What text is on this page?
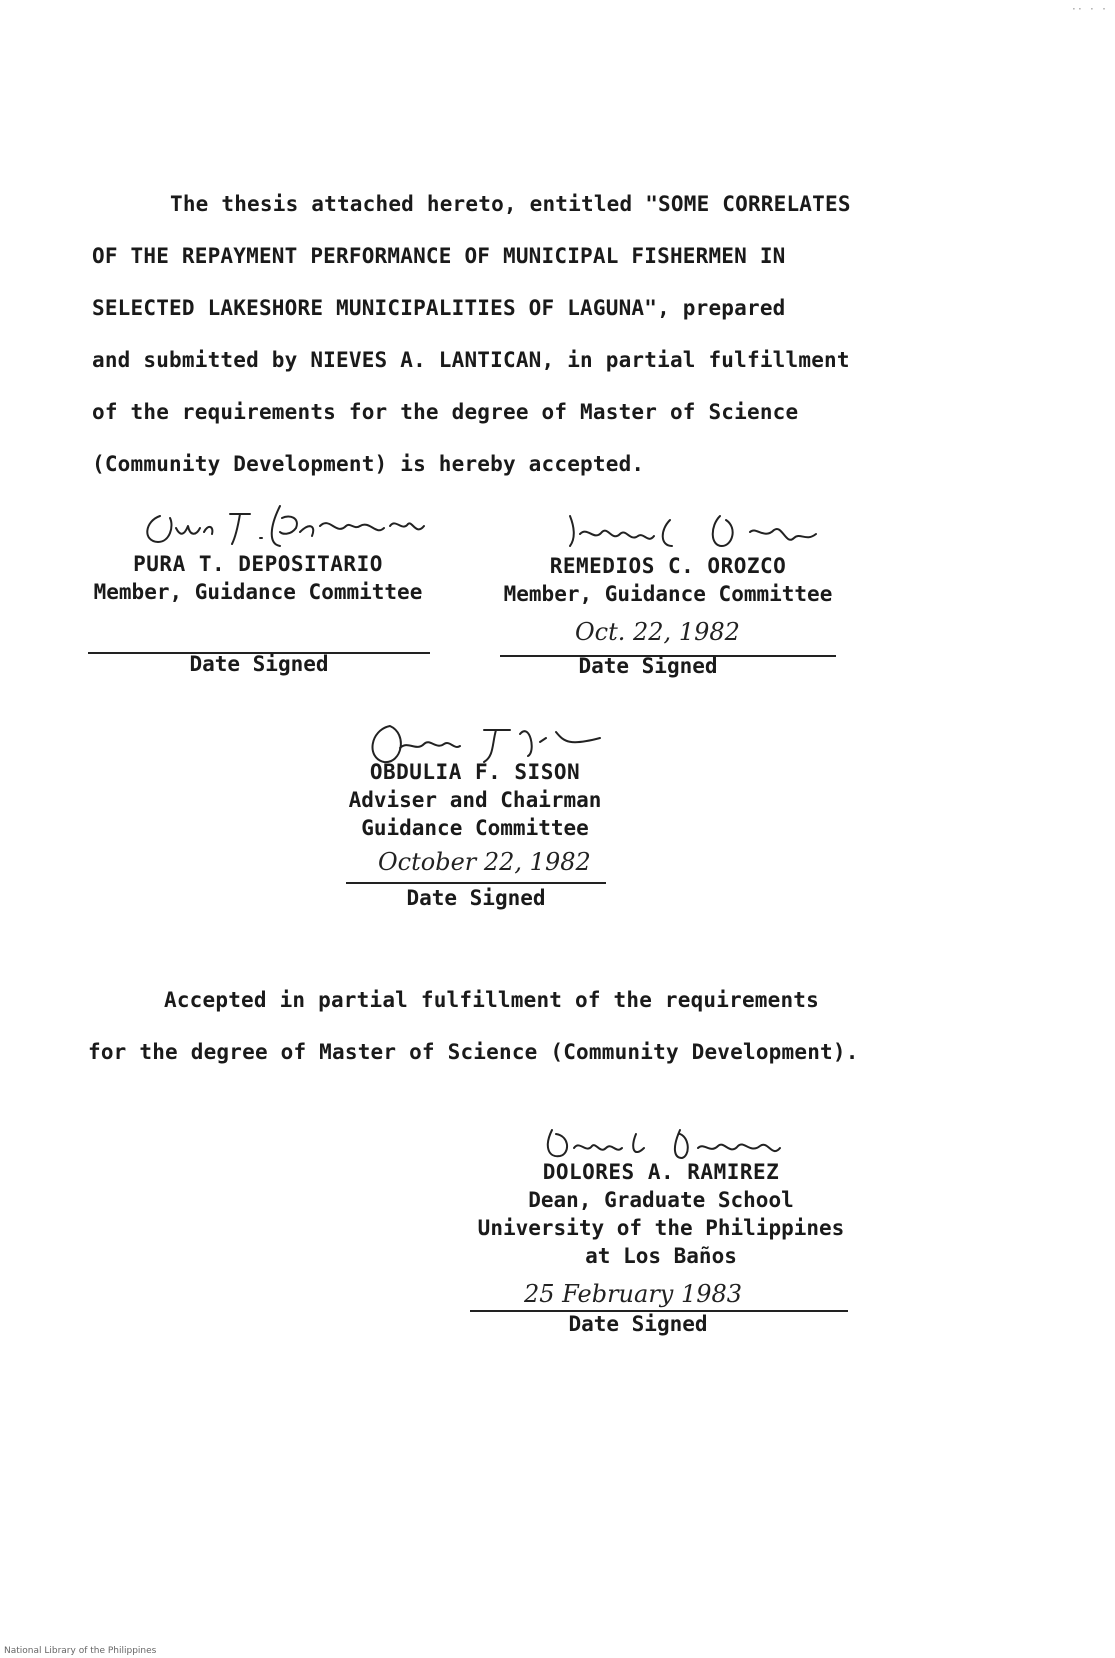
·· · ·
The thesis attached hereto, entitled "SOME CORRELATES
OF THE REPAYMENT PERFORMANCE OF MUNICIPAL FISHERMEN IN
SELECTED LAKESHORE MUNICIPALITIES OF LAGUNA", prepared
and submitted by NIEVES A. LANTICAN, in partial fulfillment
of the requirements for the degree of Master of Science
(Community Development) is hereby accepted.
PURA T. DEPOSITARIO
Member, Guidance Committee
Date Signed
REMEDIOS C. OROZCO
Member, Guidance Committee
Oct. 22, 1982
Date Signed
OBDULIA F. SISON
Adviser and Chairman
Guidance Committee
October 22, 1982
Date Signed
Accepted in partial fulfillment of the requirements
for the degree of Master of Science (Community Development).
DOLORES A. RAMIREZ
Dean, Graduate School
University of the Philippines
at Los Baños
25 February 1983
Date Signed
National Library of the Philippines
